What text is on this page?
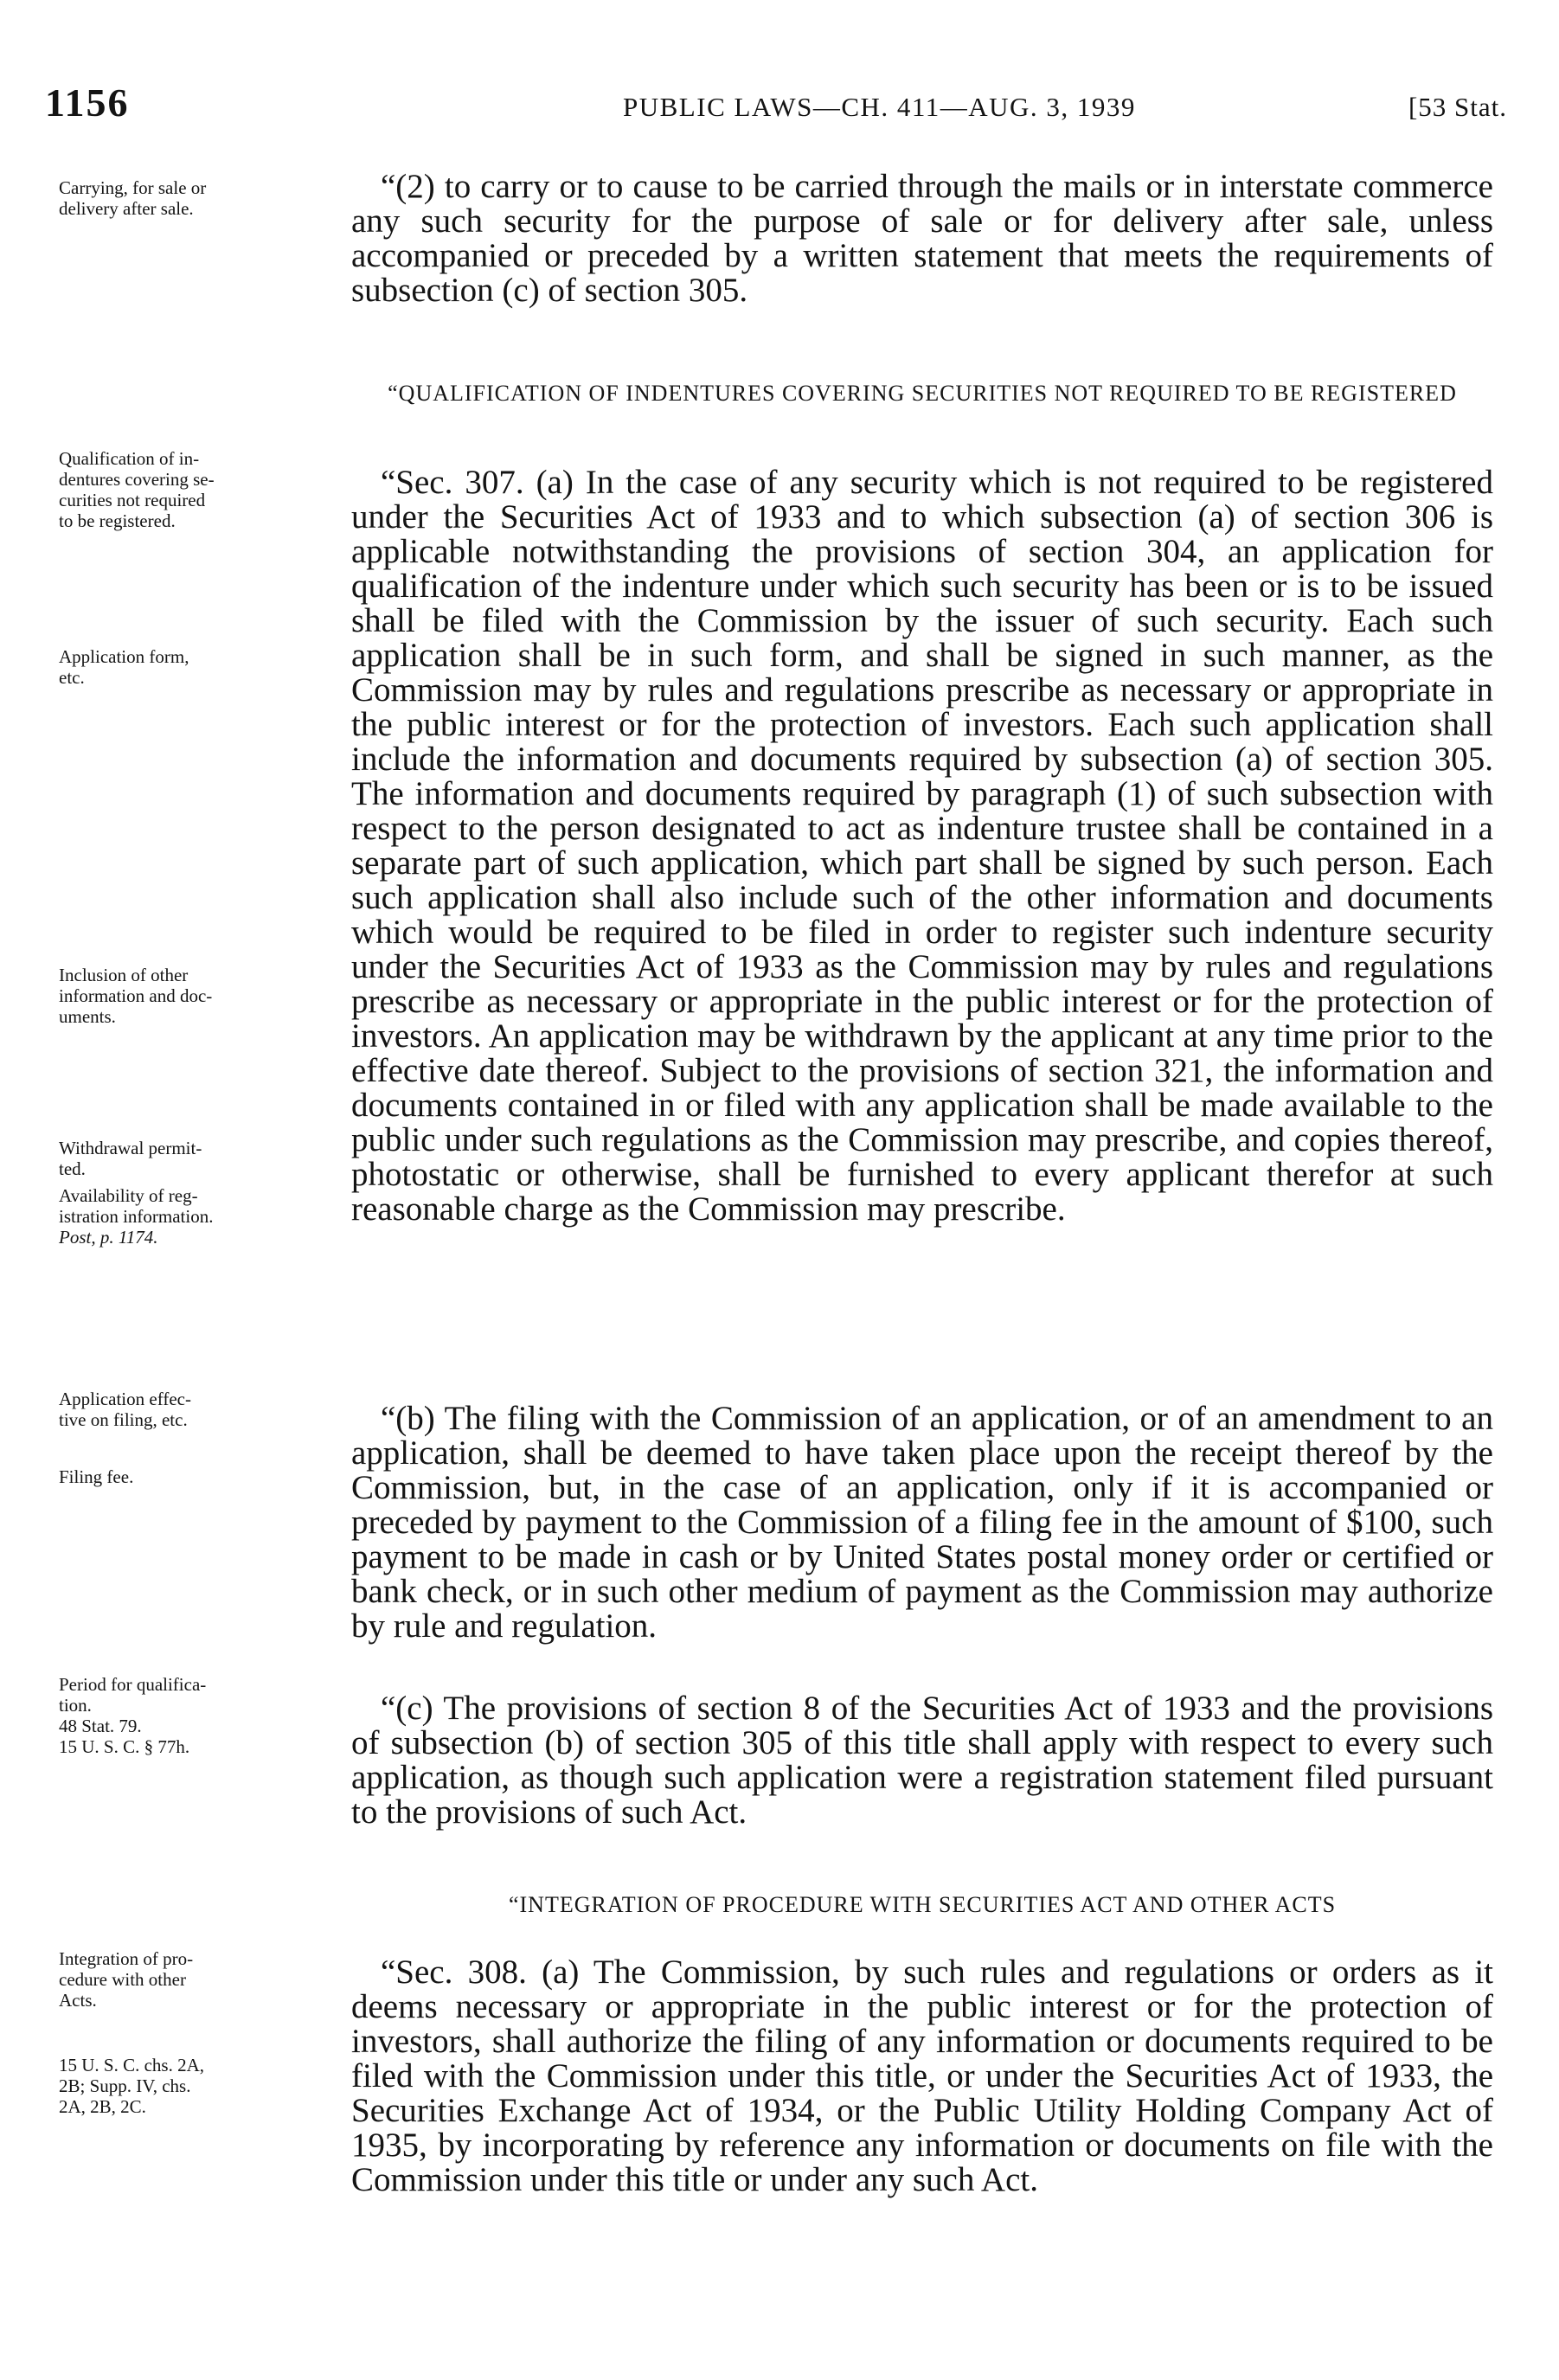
1156	PUBLIC LAWS—CH. 411—AUG. 3, 1939	[53 Stat.
Carrying, for sale or
delivery after sale.
Qualification of in-
dentures covering se-
curities not required
to be registered.
Application form,
etc.
Inclusion of other
information and doc-
uments.
Withdrawal permit-
ted.
Availability of reg-
istration information.
Post, p. 1174.
Application effec-
tive on filing, etc.
Filing fee.
Period for qualifica-
tion.
48 Stat. 79.
15 U. S. C. § 77h.
Integration of pro-
cedure with other
Acts.
15 U. S. C. chs. 2A,
2B; Supp. IV, chs.
2A, 2B, 2C.

“(2) to carry or to cause to be carried through the mails or in interstate commerce any such security for the purpose of sale or for delivery after sale, unless accompanied or preceded by a written statement that meets the requirements of subsection (c) of section 305.

“QUALIFICATION OF INDENTURES COVERING SECURITIES NOT REQUIRED TO BE REGISTERED

“Sec. 307. (a) In the case of any security which is not required to be registered under the Securities Act of 1933 and to which subsection (a) of section 306 is applicable notwithstanding the provisions of section 304, an application for qualification of the indenture under which such security has been or is to be issued shall be filed with the Commission by the issuer of such security. Each such application shall be in such form, and shall be signed in such manner, as the Commission may by rules and regulations prescribe as necessary or appropriate in the public interest or for the protection of investors. Each such application shall include the information and documents required by subsection (a) of section 305. The information and documents required by paragraph (1) of such subsection with respect to the person designated to act as indenture trustee shall be contained in a separate part of such application, which part shall be signed by such person. Each such application shall also include such of the other information and documents which would be required to be filed in order to register such indenture security under the Securities Act of 1933 as the Commission may by rules and regulations prescribe as necessary or appropriate in the public interest or for the protection of investors. An application may be withdrawn by the applicant at any time prior to the effective date thereof. Subject to the provisions of section 321, the information and documents contained in or filed with any application shall be made available to the public under such regulations as the Commission may prescribe, and copies thereof, photostatic or otherwise, shall be furnished to every applicant therefor at such reasonable charge as the Commission may prescribe.

“(b) The filing with the Commission of an application, or of an amendment to an application, shall be deemed to have taken place upon the receipt thereof by the Commission, but, in the case of an application, only if it is accompanied or preceded by payment to the Commission of a filing fee in the amount of $100, such payment to be made in cash or by United States postal money order or certified or bank check, or in such other medium of payment as the Commission may authorize by rule and regulation.

“(c) The provisions of section 8 of the Securities Act of 1933 and the provisions of subsection (b) of section 305 of this title shall apply with respect to every such application, as though such application were a registration statement filed pursuant to the provisions of such Act.

“INTEGRATION OF PROCEDURE WITH SECURITIES ACT AND OTHER ACTS

“Sec. 308. (a) The Commission, by such rules and regulations or orders as it deems necessary or appropriate in the public interest or for the protection of investors, shall authorize the filing of any information or documents required to be filed with the Commission under this title, or under the Securities Act of 1933, the Securities Exchange Act of 1934, or the Public Utility Holding Company Act of 1935, by incorporating by reference any information or documents on file with the Commission under this title or under any such Act.
